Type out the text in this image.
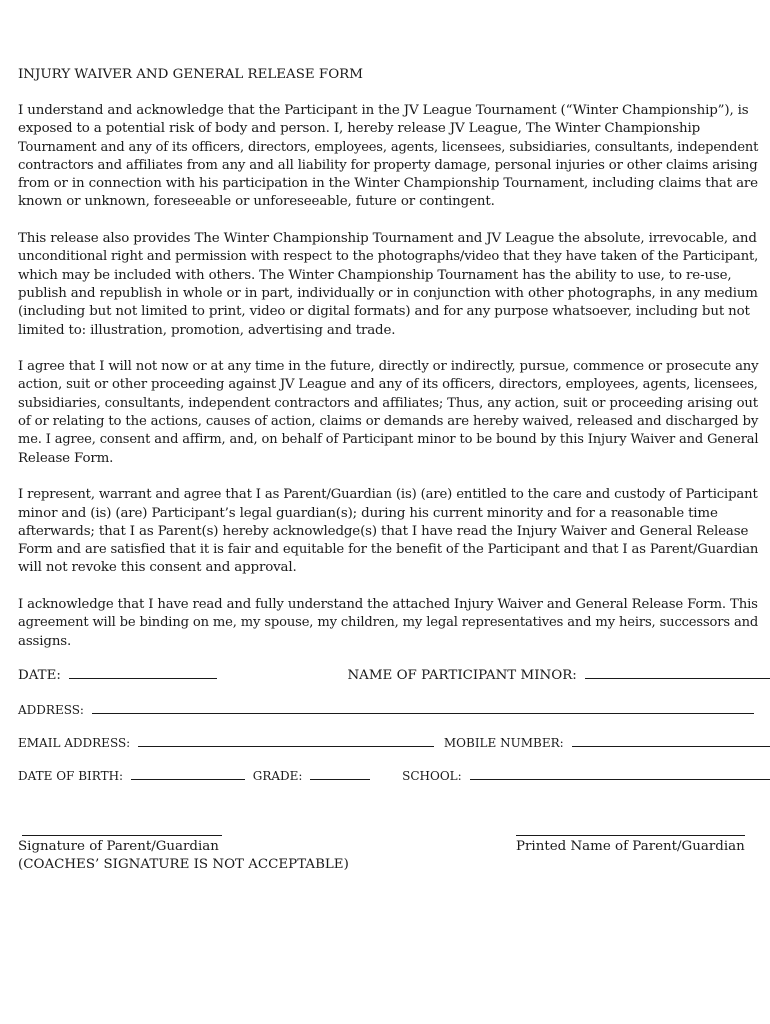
INJURY WAIVER AND GENERAL RELEASE FORM
I understand and acknowledge that the Participant in the JV League Tournament (“Winter Championship”), is
exposed to a potential risk of body and person. I, hereby release JV League, The Winter Championship
Tournament and any of its officers, directors, employees, agents, licensees, subsidiaries, consultants, independent
contractors and affiliates from any and all liability for property damage, personal injuries or other claims arising
from or in connection with his participation in the Winter Championship Tournament, including claims that are
known or unknown, foreseeable or unforeseeable, future or contingent.
This release also provides The Winter Championship Tournament and JV League the absolute, irrevocable, and
unconditional right and permission with respect to the photographs/video that they have taken of the Participant,
which may be included with others. The Winter Championship Tournament has the ability to use, to re-use,
publish and republish in whole or in part, individually or in conjunction with other photographs, in any medium
(including but not limited to print, video or digital formats) and for any purpose whatsoever, including but not
limited to: illustration, promotion, advertising and trade.
I agree that I will not now or at any time in the future, directly or indirectly, pursue, commence or prosecute any
action, suit or other proceeding against JV League and any of its officers, directors, employees, agents, licensees,
subsidiaries, consultants, independent contractors and affiliates; Thus, any action, suit or proceeding arising out
of or relating to the actions, causes of action, claims or demands are hereby waived, released and discharged by
me. I agree, consent and affirm, and, on behalf of Participant minor to be bound by this Injury Waiver and General
Release Form.
I represent, warrant and agree that I as Parent/Guardian (is) (are) entitled to the care and custody of Participant
minor and (is) (are) Participant’s legal guardian(s); during his current minority and for a reasonable time
afterwards; that I as Parent(s) hereby acknowledge(s) that I have read the Injury Waiver and General Release
Form and are satisfied that it is fair and equitable for the benefit of the Participant and that I as Parent/Guardian
will not revoke this consent and approval.
I acknowledge that I have read and fully understand the attached Injury Waiver and General Release Form. This
agreement will be binding on me, my spouse, my children, my legal representatives and my heirs, successors and
assigns.
DATE:	NAME OF PARTICIPANT MINOR:
ADDRESS:
EMAIL ADDRESS:	MOBILE NUMBER:
DATE OF BIRTH:	GRADE:	SCHOOL:
Signature of Parent/Guardian
(COACHES’ SIGNATURE IS NOT ACCEPTABLE)
Printed Name of Parent/Guardian
